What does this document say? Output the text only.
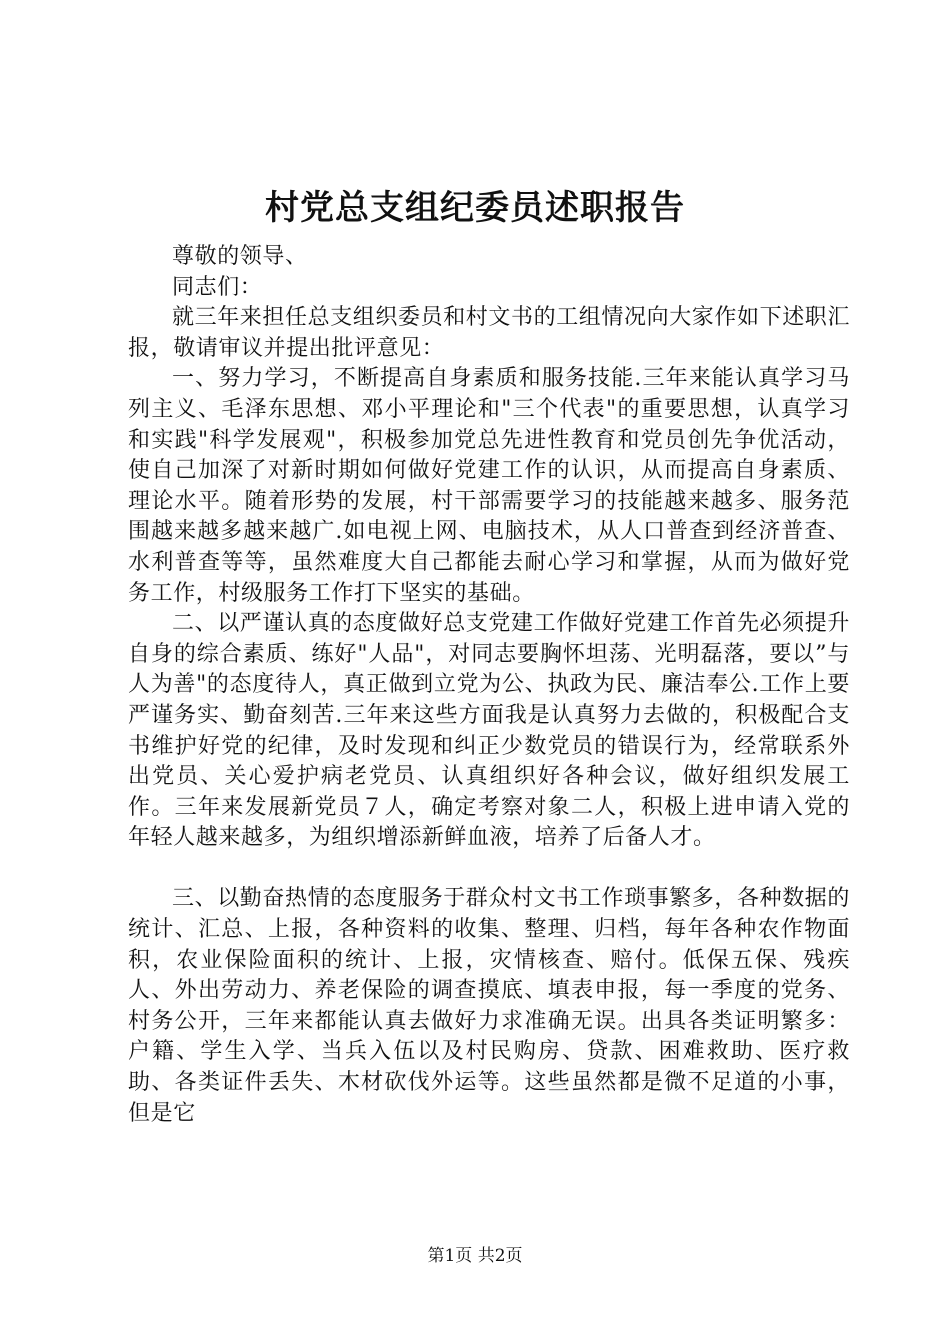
村党总支组纪委员述职报告

尊敬的领导、

同志们：

就三年来担任总支组织委员和村文书的工组情况向大家作如下述职汇报，敬请审议并提出批评意见：

一、努力学习，不断提高自身素质和服务技能.三年来能认真学习马列主义、毛泽东思想、邓小平理论和"三个代表"的重要思想，认真学习和实践"科学发展观"，积极参加党总先进性教育和党员创先争优活动，使自己加深了对新时期如何做好党建工作的认识，从而提高自身素质、理论水平。随着形势的发展，村干部需要学习的技能越来越多、服务范围越来越多越来越广.如电视上网、电脑技术，从人口普查到经济普查、水利普查等等，虽然难度大自己都能去耐心学习和掌握，从而为做好党务工作，村级服务工作打下坚实的基础。

二、以严谨认真的态度做好总支党建工作做好党建工作首先必须提升自身的综合素质、练好"人品"，对同志要胸怀坦荡、光明磊落，要以”与人为善"的态度待人，真正做到立党为公、执政为民、廉洁奉公.工作上要严谨务实、勤奋刻苦.三年来这些方面我是认真努力去做的，积极配合支书维护好党的纪律，及时发现和纠正少数党员的错误行为，经常联系外出党员、关心爱护病老党员、认真组织好各种会议，做好组织发展工作。三年来发展新党员７人，确定考察对象二人，积极上进申请入党的年轻人越来越多，为组织增添新鲜血液，培养了后备人才。

三、以勤奋热情的态度服务于群众村文书工作琐事繁多，各种数据的统计、汇总、上报，各种资料的收集、整理、归档，每年各种农作物面积，农业保险面积的统计、上报，灾情核查、赔付。低保五保、残疾人、外出劳动力、养老保险的调查摸底、填表申报，每一季度的党务、村务公开，三年来都能认真去做好力求准确无误。出具各类证明繁多：户籍、学生入学、当兵入伍以及村民购房、贷款、困难救助、医疗救助、各类证件丢失、木材砍伐外运等。这些虽然都是微不足道的小事，但是它

第1页 共2页
